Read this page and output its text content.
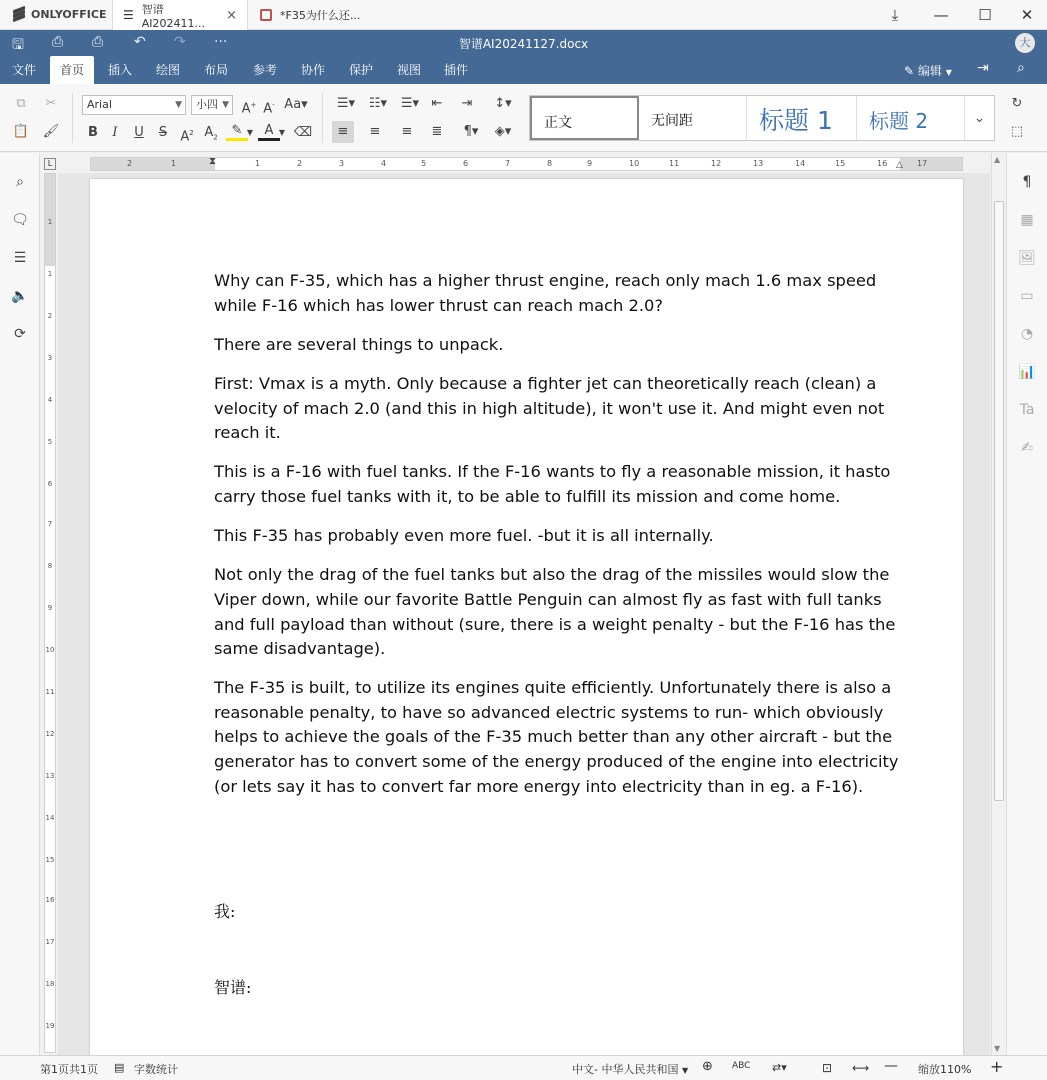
ONLYOFFICE ☰ 智谱AI202411...
×	*F35为什么还...	⤓	— ☐	✕
🖫 ⎙ ⎙ ↶ ↷ ···	智谱AI20241127.docx	大
文件	首页	插入	绘图	布局	参考	协作	保护	视图	插件	✎ 编辑 ▼ ⇥ ⌕
⧉	✂
📋 🖌
Arial	▼	小四 ▼ A+ A- Aa▾
B	I	U	S	$A^2$ $A_2$	✎ ▼ A ▼ ⌫
☰▾	☷▾	☰▾ ⇤	⇥	↕▾
≡	≡	≡	≣	¶▾	◈▾
正文	无间距	标题 1 标题 2	⌄
↻
⬚
⌕
🗨
☰
🔈
⟳
L	2	1	1	2	3	4	5	6	7	8	9	10	11	12	13	14	15	16	17
⧗	△
1
1
2
3
4
5
6
7
8
9
10
11
12
13
14
15
16
17
18
19

Why can F-35, which has a higher thrust engine, reach only mach 1.6 max speed while F-16 which has lower thrust can reach mach 2.0?

There are several things to unpack.

First: Vmax is a myth. Only because a fighter jet can theoretically reach (clean) a velocity of mach 2.0 (and this in high altitude), it won't use it. And might even not reach it.

This is a F-16 with fuel tanks. If the F-16 wants to fly a reasonable mission, it hasto carry those fuel tanks with it, to be able to fulfill its mission and come home.

This F-35 has probably even more fuel. -but it is all internally.

Not only the drag of the fuel tanks but also the drag of the missiles would slow the Viper down, while our favorite Battle Penguin can almost fly as fast with full tanks and full payload than without (sure, there is a weight penalty - but the F-16 has the same disadvantage).

The F-35 is built, to utilize its engines quite efficiently. Unfortunately there is also a reasonable penalty, to have so advanced electric systems to run- which obviously helps to achieve the goals of the F-35 much better than any other aircraft - but the generator has to convert some of the energy produced of the engine into electricity (or lets say it has to convert far more energy into electricity than in eg. a F-16).

我:
智谱:
▲
▼
¶
▦
🖼
▭
◔
📊
Ta
✍
第1页共1页 ▤ 字数统计	中文- 中华人民共和国 ▼ ⊕ ABC ⇄▾	⊡ ⟷ — 缩放110% +
